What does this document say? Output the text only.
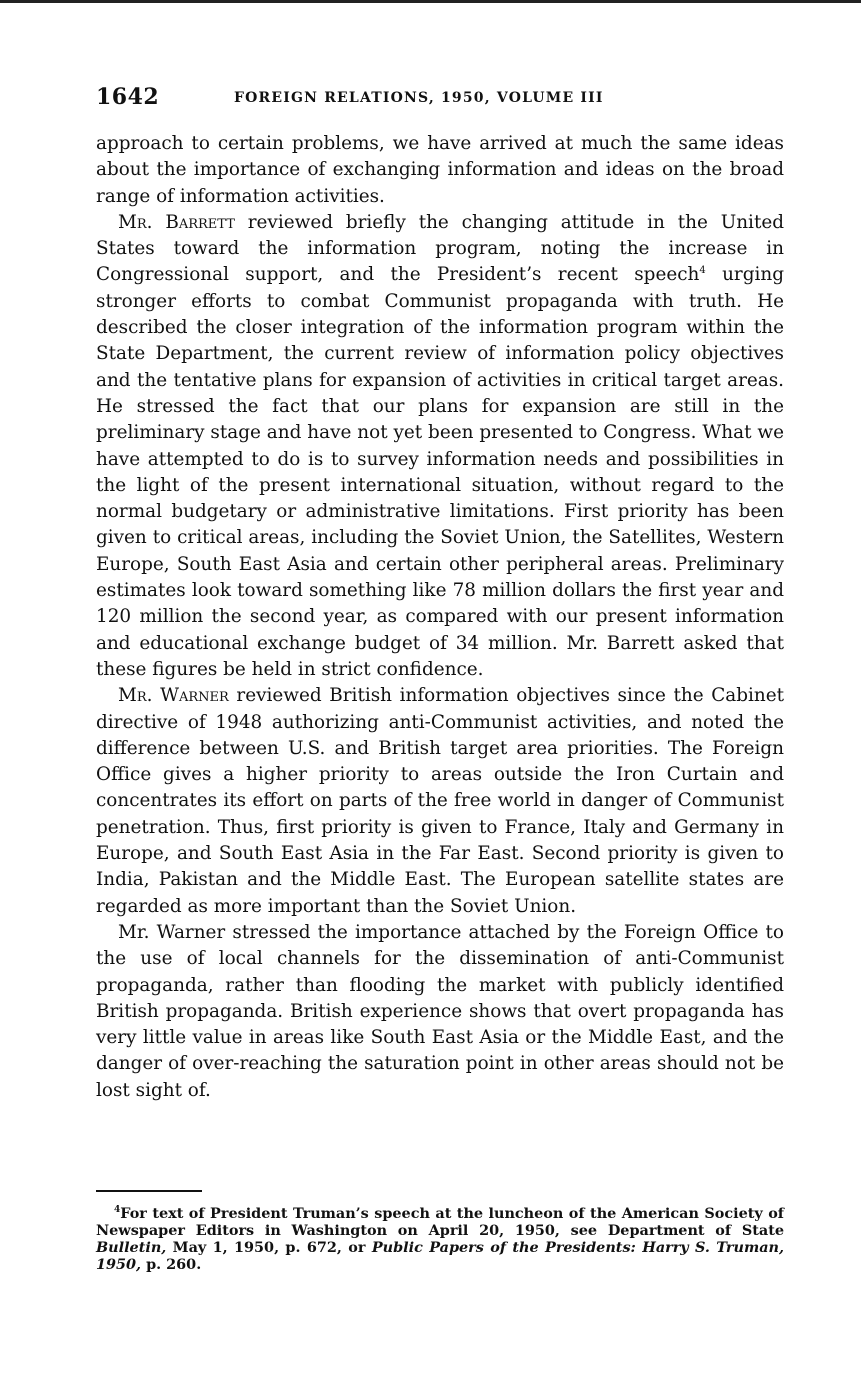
1642	FOREIGN RELATIONS, 1950, VOLUME III

approach to certain problems, we have arrived at much the same ideas about the importance of exchanging information and ideas on the broad range of information activities.

Mr. Barrett reviewed briefly the changing attitude in the United States toward the information program, noting the increase in Congressional support, and the President’s recent speech$^4$ urging stronger efforts to combat Communist propaganda with truth. He described the closer integration of the information program within the State Department, the current review of information policy objectives and the tentative plans for expansion of activities in critical target areas. He stressed the fact that our plans for expansion are still in the preliminary stage and have not yet been presented to Congress. What we have attempted to do is to survey information needs and possibilities in the light of the present international situation, without regard to the normal budgetary or administrative limitations. First priority has been given to critical areas, including the Soviet Union, the Satellites, Western Europe, South East Asia and certain other peripheral areas. Preliminary estimates look toward something like 78 million dollars the first year and 120 million the second year, as compared with our present information and educational exchange budget of 34 million. Mr. Barrett asked that these figures be held in strict confidence.

Mr. Warner reviewed British information objectives since the Cabinet directive of 1948 authorizing anti-Communist activities, and noted the difference between U.S. and British target area priorities. The Foreign Office gives a higher priority to areas outside the Iron Curtain and concentrates its effort on parts of the free world in danger of Communist penetration. Thus, first priority is given to France, Italy and Germany in Europe, and South East Asia in the Far East. Second priority is given to India, Pakistan and the Middle East. The European satellite states are regarded as more important than the Soviet Union.

Mr. Warner stressed the importance attached by the Foreign Office to the use of local channels for the dissemination of anti-Communist propaganda, rather than flooding the market with publicly identified British propaganda. British experience shows that overt propaganda has very little value in areas like South East Asia or the Middle East, and the danger of over-reaching the saturation point in other areas should not be lost sight of.

$^4$For text of President Truman’s speech at the luncheon of the American Society of Newspaper Editors in Washington on April 20, 1950, see Department of State Bulletin, May 1, 1950, p. 672, or Public Papers of the Presidents: Harry S. Truman, 1950, p. 260.
